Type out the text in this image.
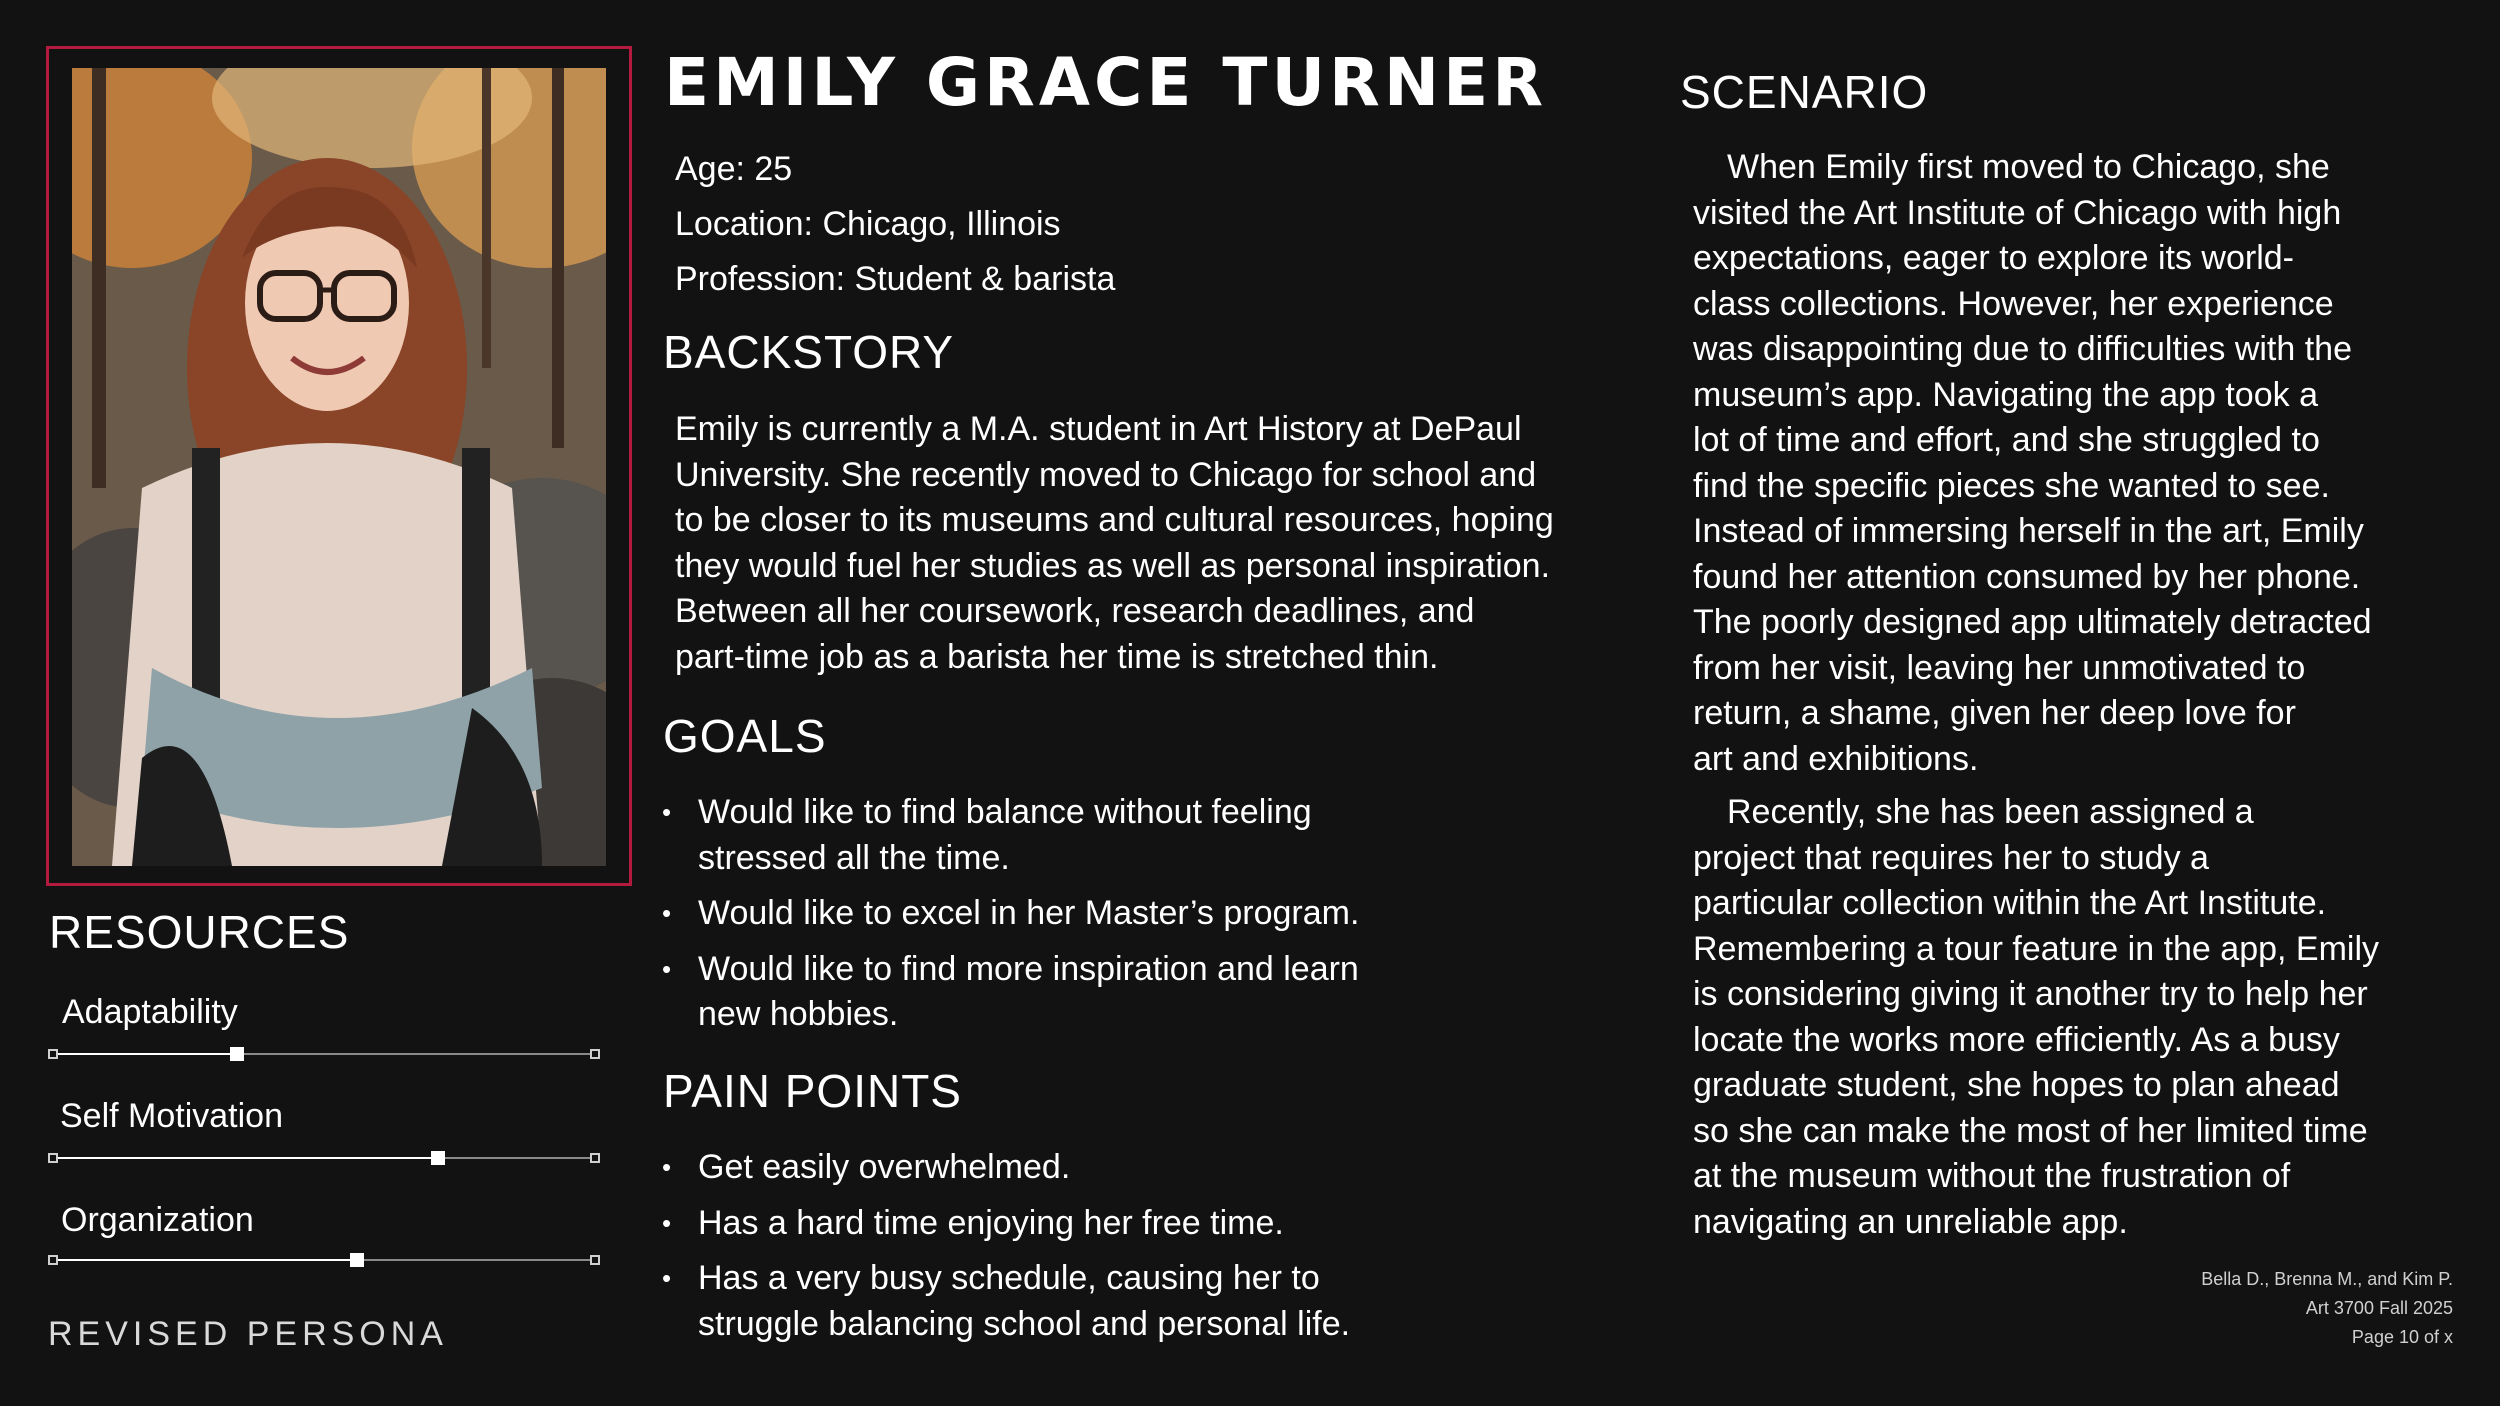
EMILY GRACE TURNER
Age: 25
Location: Chicago, Illinois
Profession: Student & barista
BACKSTORY
Emily is currently a M.A. student in Art History at DePaul
University. She recently moved to Chicago for school and
to be closer to its museums and cultural resources, hoping
they would fuel her studies as well as personal inspiration.
Between all her coursework, research deadlines, and
part-time job as a barista her time is stretched thin.
GOALS
• Would like to find balance without feeling
stressed all the time.
• Would like to excel in her Master’s program.
• Would like to find more inspiration and learn
new hobbies.
PAIN POINTS
• Get easily overwhelmed.
• Has a hard time enjoying her free time.
• Has a very busy schedule, causing her to
struggle balancing school and personal life.
SCENARIO
When Emily first moved to Chicago, she
visited the Art Institute of Chicago with high
expectations, eager to explore its world-
class collections. However, her experience
was disappointing due to difficulties with the
museum’s app. Navigating the app took a
lot of time and effort, and she struggled to
find the specific pieces she wanted to see.
Instead of immersing herself in the art, Emily
found her attention consumed by her phone.
The poorly designed app ultimately detracted
from her visit, leaving her unmotivated to
return, a shame, given her deep love for
art and exhibitions.
Recently, she has been assigned a
project that requires her to study a
particular collection within the Art Institute.
Remembering a tour feature in the app, Emily
is considering giving it another try to help her
locate the works more efficiently. As a busy
graduate student, she hopes to plan ahead
so she can make the most of her limited time
at the museum without the frustration of
navigating an unreliable app.
RESOURCES
Adaptability
Self Motivation
Organization
REVISED PERSONA
Bella D., Brenna M., and Kim P.
Art 3700 Fall 2025
Page 10 of x
